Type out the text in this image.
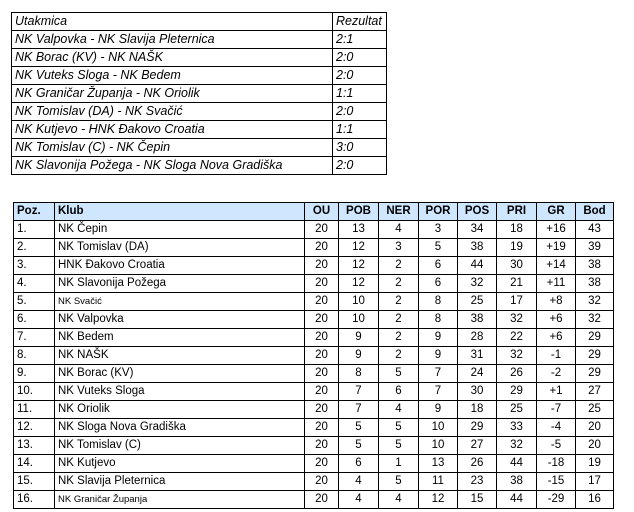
Utakmica	Rezultat
NK Valpovka - NK Slavija Pleternica	2:1
NK Borac (KV) - NK NAŠK	2:0
NK Vuteks Sloga - NK Bedem	2:0
NK Graničar Županja - NK Oriolik	1:1
NK Tomislav (DA) - NK Svačić	2:0
NK Kutjevo - HNK Đakovo Croatia	1:1
NK Tomislav (C) - NK Čepin	3:0
NK Slavonija Požega - NK Sloga Nova Gradiška	2:0
Poz.	Klub	OU	POB	NER	POR	POS	PRI	GR	Bod
1.	NK Čepin	20	13	4	3	34	18	+16	43
2.	NK Tomislav (DA)	20	12	3	5	38	19	+19	39
3.	HNK Đakovo Croatia	20	12	2	6	44	30	+14	38
4.	NK Slavonija Požega	20	12	2	6	32	21	+11	38
5.	NK Svačić	20	10	2	8	25	17	+8	32
6.	NK Valpovka	20	10	2	8	38	32	+6	32
7.	NK Bedem	20	9	2	9	28	22	+6	29
8.	NK NAŠK	20	9	2	9	31	32	-1	29
9.	NK Borac (KV)	20	8	5	7	24	26	-2	29
10.	NK Vuteks Sloga	20	7	6	7	30	29	+1	27
11.	NK Oriolik	20	7	4	9	18	25	-7	25
12.	NK Sloga Nova Gradiška	20	5	5	10	29	33	-4	20
13.	NK Tomislav (C)	20	5	5	10	27	32	-5	20
14.	NK Kutjevo	20	6	1	13	26	44	-18	19
15.	NK Slavija Pleternica	20	4	5	11	23	38	-15	17
16.	NK Graničar Županja	20	4	4	12	15	44	-29	16
